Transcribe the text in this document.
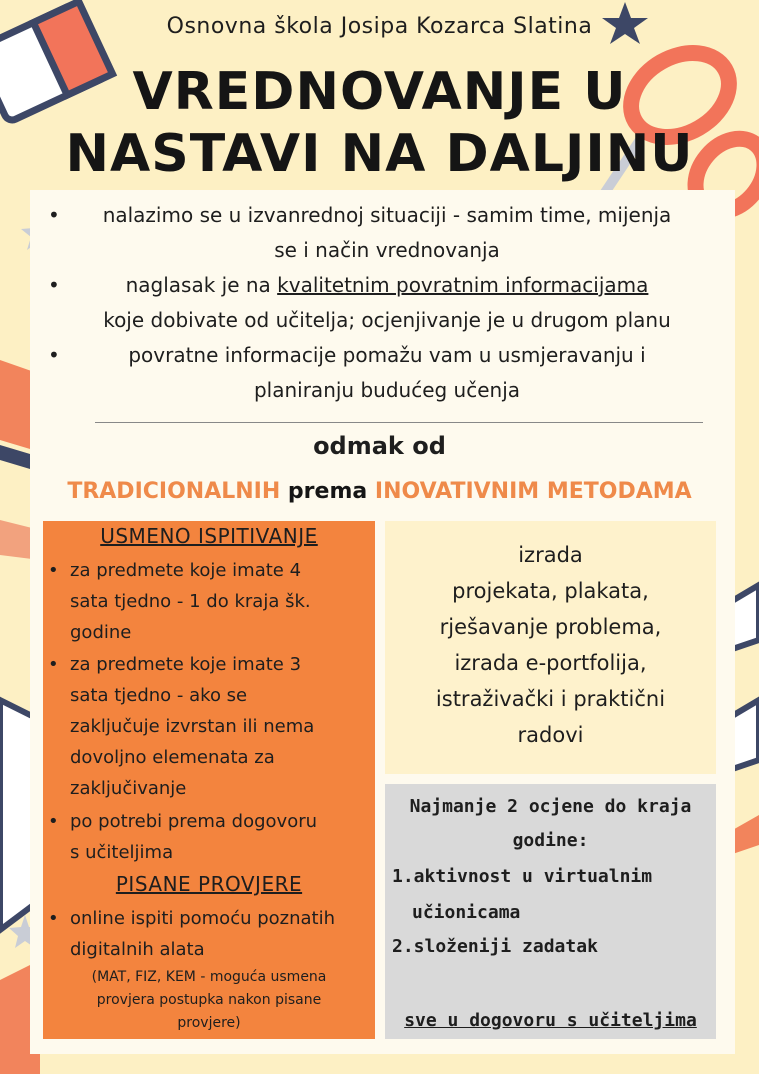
Osnovna škola Josipa Kozarca Slatina
VREDNOVANJE U
NASTAVI NA DALJINU
•	nalazimo se u izvanrednoj situaciji - samim time, mijenja
se i način vrednovanja
•	naglasak je na kvalitetnim povratnim informacijama
koje dobivate od učitelja; ocjenjivanje je u drugom planu
•	povratne informacije pomažu vam u usmjeravanju i
planiranju budućeg učenja
odmak od
TRADICIONALNIH prema INOVATIVNIM METODAMA
USMENO ISPITIVANJE
• za predmete koje imate 4
sata tjedno - 1 do kraja šk.
godine
• za predmete koje imate 3
sata tjedno - ako se
zaključuje izvrstan ili nema
dovoljno elemenata za
zaključivanje
• po potrebi prema dogovoru
s učiteljima
PISANE PROVJERE
• online ispiti pomoću poznatih
digitalnih alata
(MAT, FIZ, KEM - moguća usmena
provjera postupka nakon pisane
provjere)
izrada
projekata, plakata,
rješavanje problema,
izrada e-portfolija,
istraživački i praktični
radovi
Najmanje 2 ocjene do kraja
godine:
1.aktivnost u virtualnim
učionicama
2.složeniji zadatak
sve u dogovoru s učiteljima
